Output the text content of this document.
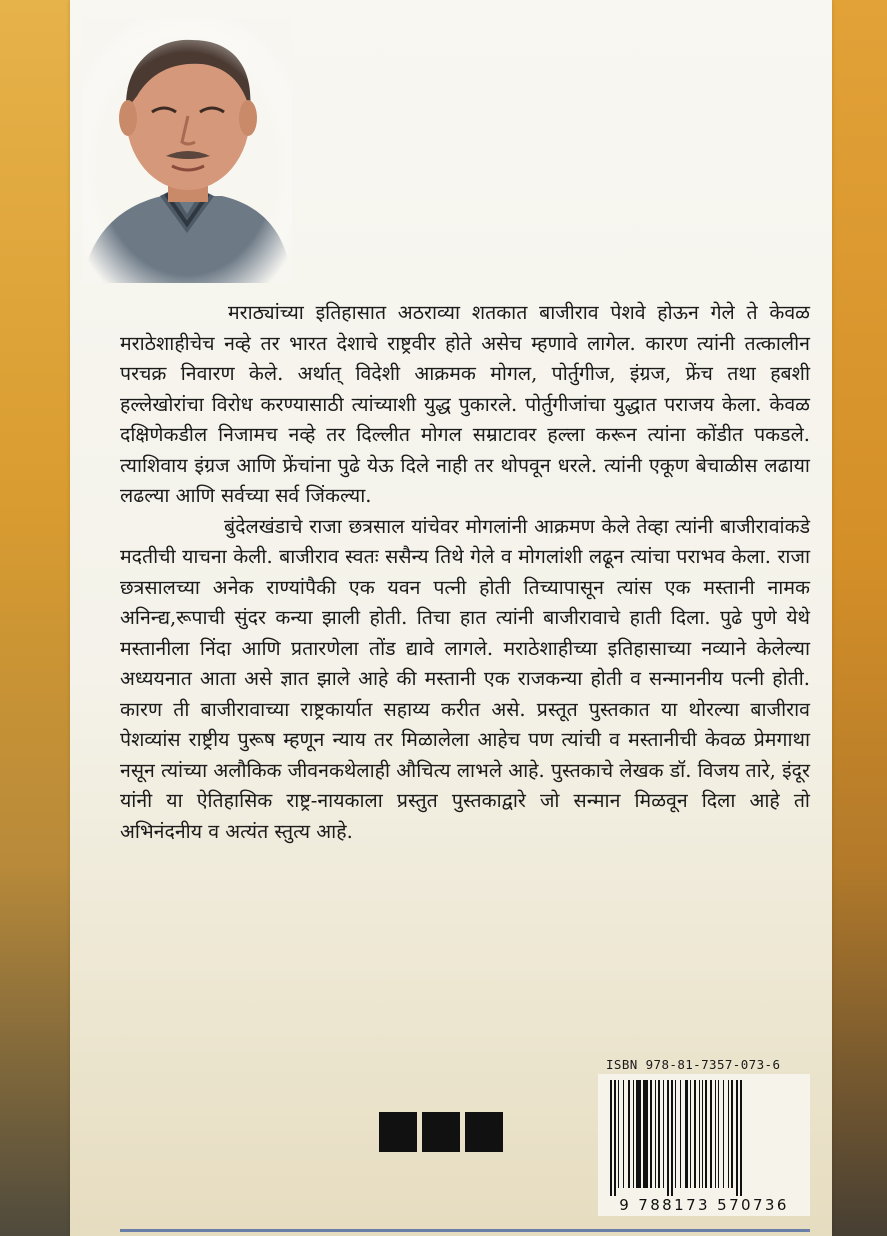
मराठ्यांच्या इतिहासात अठराव्या शतकात बाजीराव पेशवे होऊन गेले ते केवळ मराठेशाहीचेच नव्हे तर भारत देशाचे राष्ट्रवीर होते असेच म्हणावे लागेल. कारण त्यांनी तत्कालीन परचक्र निवारण केले. अर्थात् विदेशी आक्रमक मोगल, पोर्तुगीज, इंग्रज, फ्रेंच तथा हबशी हल्लेखोरांचा विरोध करण्यासाठी त्यांच्याशी युद्ध पुकारले. पोर्तुगीजांचा युद्धात पराजय केला. केवळ दक्षिणेकडील निजामच नव्हे तर दिल्लीत मोगल सम्राटावर हल्ला करून त्यांना कोंडीत पकडले. त्याशिवाय इंग्रज आणि फ्रेंचांना पुढे येऊ दिले नाही तर थोपवून धरले. त्यांनी एकूण बेचाळीस लढाया लढल्या आणि सर्वच्या सर्व जिंकल्या.

बुंदेलखंडाचे राजा छत्रसाल यांचेवर मोगलांनी आक्रमण केले तेव्हा त्यांनी बाजीरावांकडे मदतीची याचना केली. बाजीराव स्वतः ससैन्य तिथे गेले व मोगलांशी लढून त्यांचा पराभव केला. राजा छत्रसालच्या अनेक राण्यांपैकी एक यवन पत्नी होती तिच्यापासून त्यांस एक मस्तानी नामक अनिन्द्य,रूपाची सुंदर कन्या झाली होती. तिचा हात त्यांनी बाजीरावाचे हाती दिला. पुढे पुणे येथे मस्तानीला निंदा आणि प्रतारणेला तोंड द्यावे लागले. मराठेशाहीच्या इतिहासाच्या नव्याने केलेल्या अध्ययनात आता असे ज्ञात झाले आहे की मस्तानी एक राजकन्या होती व सन्माननीय पत्नी होती. कारण ती बाजीरावाच्या राष्ट्रकार्यात सहाय्य करीत असे. प्रस्तूत पुस्तकात या थोरल्या बाजीराव पेशव्यांस राष्ट्रीय पुरूष म्हणून न्याय तर मिळालेला आहेच पण त्यांची व मस्तानीची केवळ प्रेमगाथा नसून त्यांच्या अलौकिक जीवनकथेलाही औचित्य लाभले आहे. पुस्तकाचे लेखक डॉ. विजय तारे, इंदूर यांनी या ऐतिहासिक राष्ट्र-नायकाला प्रस्तुत पुस्तकाद्वारे जो सन्मान मिळवून दिला आहे तो अभिनंदनीय व अत्यंत स्तुत्य आहे.

ISBN 978-81-7357-073-6
9 788173 570736
